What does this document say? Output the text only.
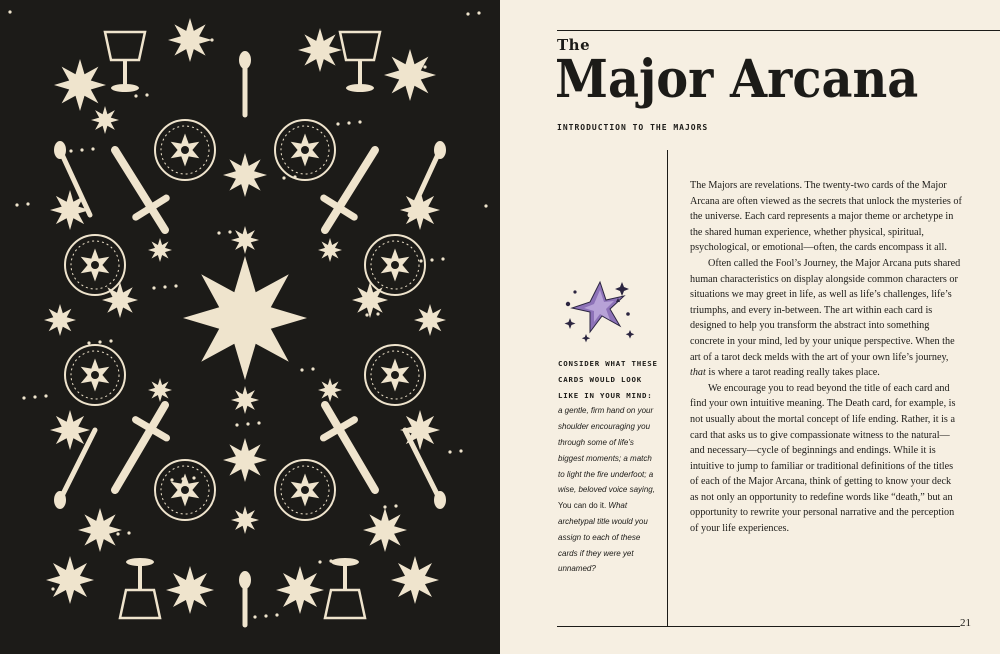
The
Major Arcana
INTRODUCTION TO THE MAJORS
CONSIDER WHAT THESE CARDS WOULD LOOK LIKE IN YOUR MIND: a gentle, firm hand on your shoulder encouraging you through some of life’s biggest moments; a match to light the fire underfoot; a wise, beloved voice saying, You can do it. What archetypal title would you assign to each of these cards if they were yet unnamed?

The Majors are revelations. The twenty-two cards of the Major Arcana are often viewed as the secrets that unlock the mysteries of the universe. Each card represents a major theme or archetype in the shared human experience, whether physical, spiritual, psychological, or emotional—often, the cards encompass it all.

Often called the Fool’s Journey, the Major Arcana puts shared human characteristics on display alongside common characters or situations we may greet in life, as well as life’s challenges, life’s triumphs, and every in-between. The art within each card is designed to help you transform the abstract into something concrete in your mind, led by your unique perspective. When the art of a tarot deck melds with the art of your own life’s journey, that is where a tarot reading really takes place.

We encourage you to read beyond the title of each card and find your own intuitive meaning. The Death card, for example, is not usually about the mortal concept of life ending. Rather, it is a card that asks us to give compassionate witness to the natural—and necessary—cycle of beginnings and endings. While it is intuitive to jump to familiar or traditional definitions of the titles of each of the Major Arcana, think of getting to know your deck as not only an opportunity to redefine words like “death,” but an opportunity to rewrite your personal narrative and the perception of your life experiences.

21
